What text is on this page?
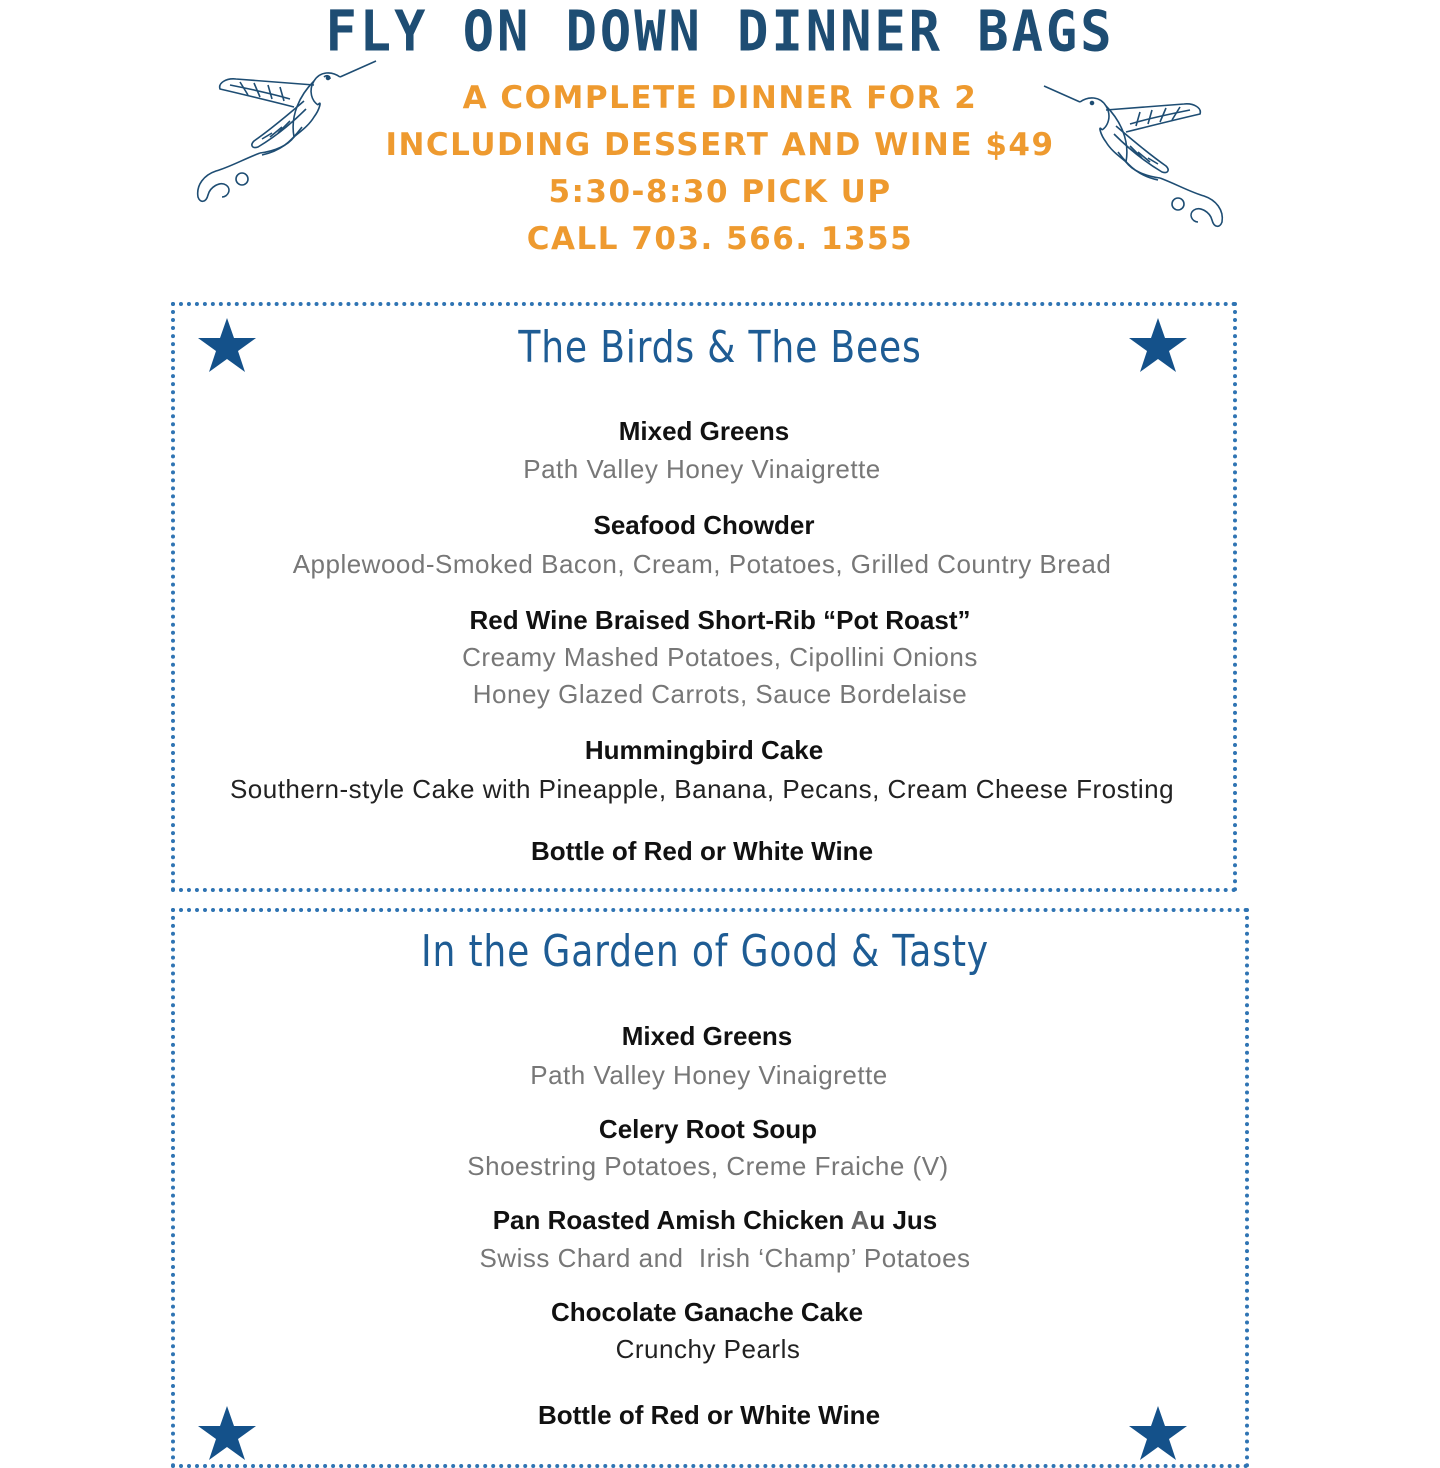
FLY ON DOWN DINNER BAGS
A COMPLETE DINNER FOR 2
INCLUDING DESSERT AND WINE $49
5:30-8:30 PICK UP
CALL 703. 566. 1355
The Birds & The Bees
Mixed Greens
Path Valley Honey Vinaigrette
Seafood Chowder
Applewood-Smoked Bacon, Cream, Potatoes, Grilled Country Bread
Red Wine Braised Short-Rib “Pot Roast”
Creamy Mashed Potatoes, Cipollini Onions
Honey Glazed Carrots, Sauce Bordelaise
Hummingbird Cake
Southern-style Cake with Pineapple, Banana, Pecans, Cream Cheese Frosting
Bottle of Red or White Wine
In the Garden of Good & Tasty
Mixed Greens
Path Valley Honey Vinaigrette
Celery Root Soup
Shoestring Potatoes, Creme Fraiche (V)
Pan Roasted Amish Chicken Au Jus
Swiss Chard and  Irish ‘Champ’ Potatoes
Chocolate Ganache Cake
Crunchy Pearls
Bottle of Red or White Wine
